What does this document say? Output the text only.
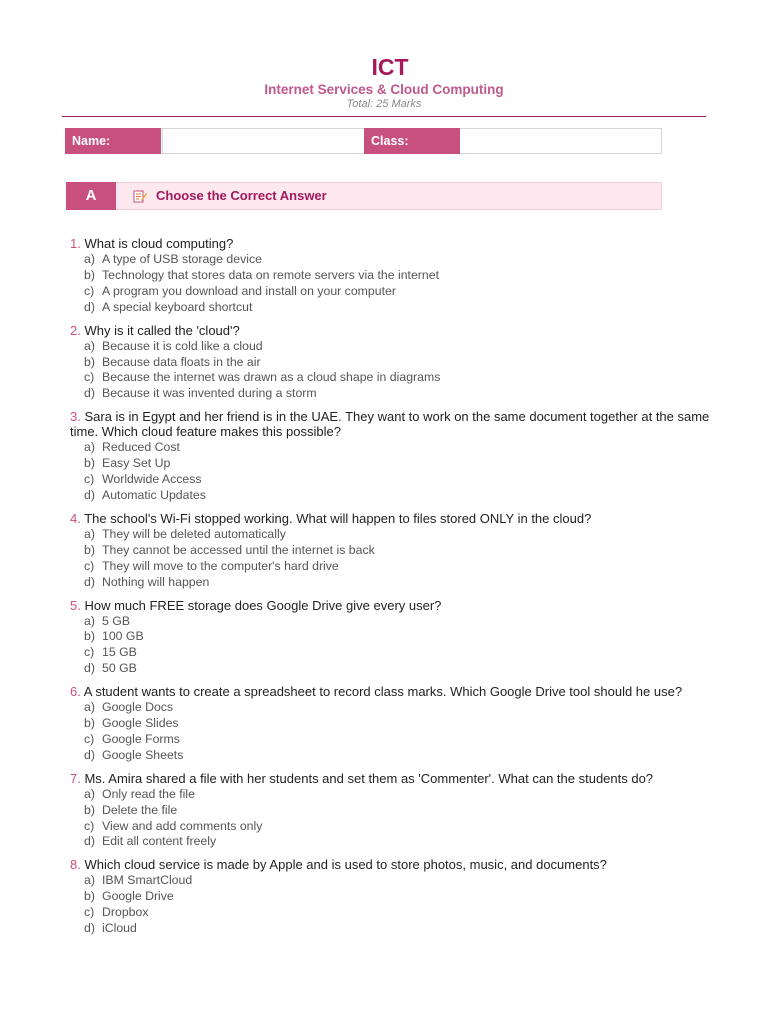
ICT
Internet Services & Cloud Computing
Total: 25 Marks
Name:	Class:
A	Choose the Correct Answer
1. What is cloud computing?
a) A type of USB storage device
b) Technology that stores data on remote servers via the internet
c) A program you download and install on your computer
d) A special keyboard shortcut
2. Why is it called the 'cloud'?
a) Because it is cold like a cloud
b) Because data floats in the air
c) Because the internet was drawn as a cloud shape in diagrams
d) Because it was invented during a storm
3. Sara is in Egypt and her friend is in the UAE. They want to work on the same document together at the same time. Which cloud feature makes this possible?
a) Reduced Cost
b) Easy Set Up
c) Worldwide Access
d) Automatic Updates
4. The school's Wi-Fi stopped working. What will happen to files stored ONLY in the cloud?
a) They will be deleted automatically
b) They cannot be accessed until the internet is back
c) They will move to the computer's hard drive
d) Nothing will happen
5. How much FREE storage does Google Drive give every user?
a) 5 GB
b) 100 GB
c) 15 GB
d) 50 GB
6. A student wants to create a spreadsheet to record class marks. Which Google Drive tool should he use?
a) Google Docs
b) Google Slides
c) Google Forms
d) Google Sheets
7. Ms. Amira shared a file with her students and set them as 'Commenter'. What can the students do?
a) Only read the file
b) Delete the file
c) View and add comments only
d) Edit all content freely
8. Which cloud service is made by Apple and is used to store photos, music, and documents?
a) IBM SmartCloud
b) Google Drive
c) Dropbox
d) iCloud
